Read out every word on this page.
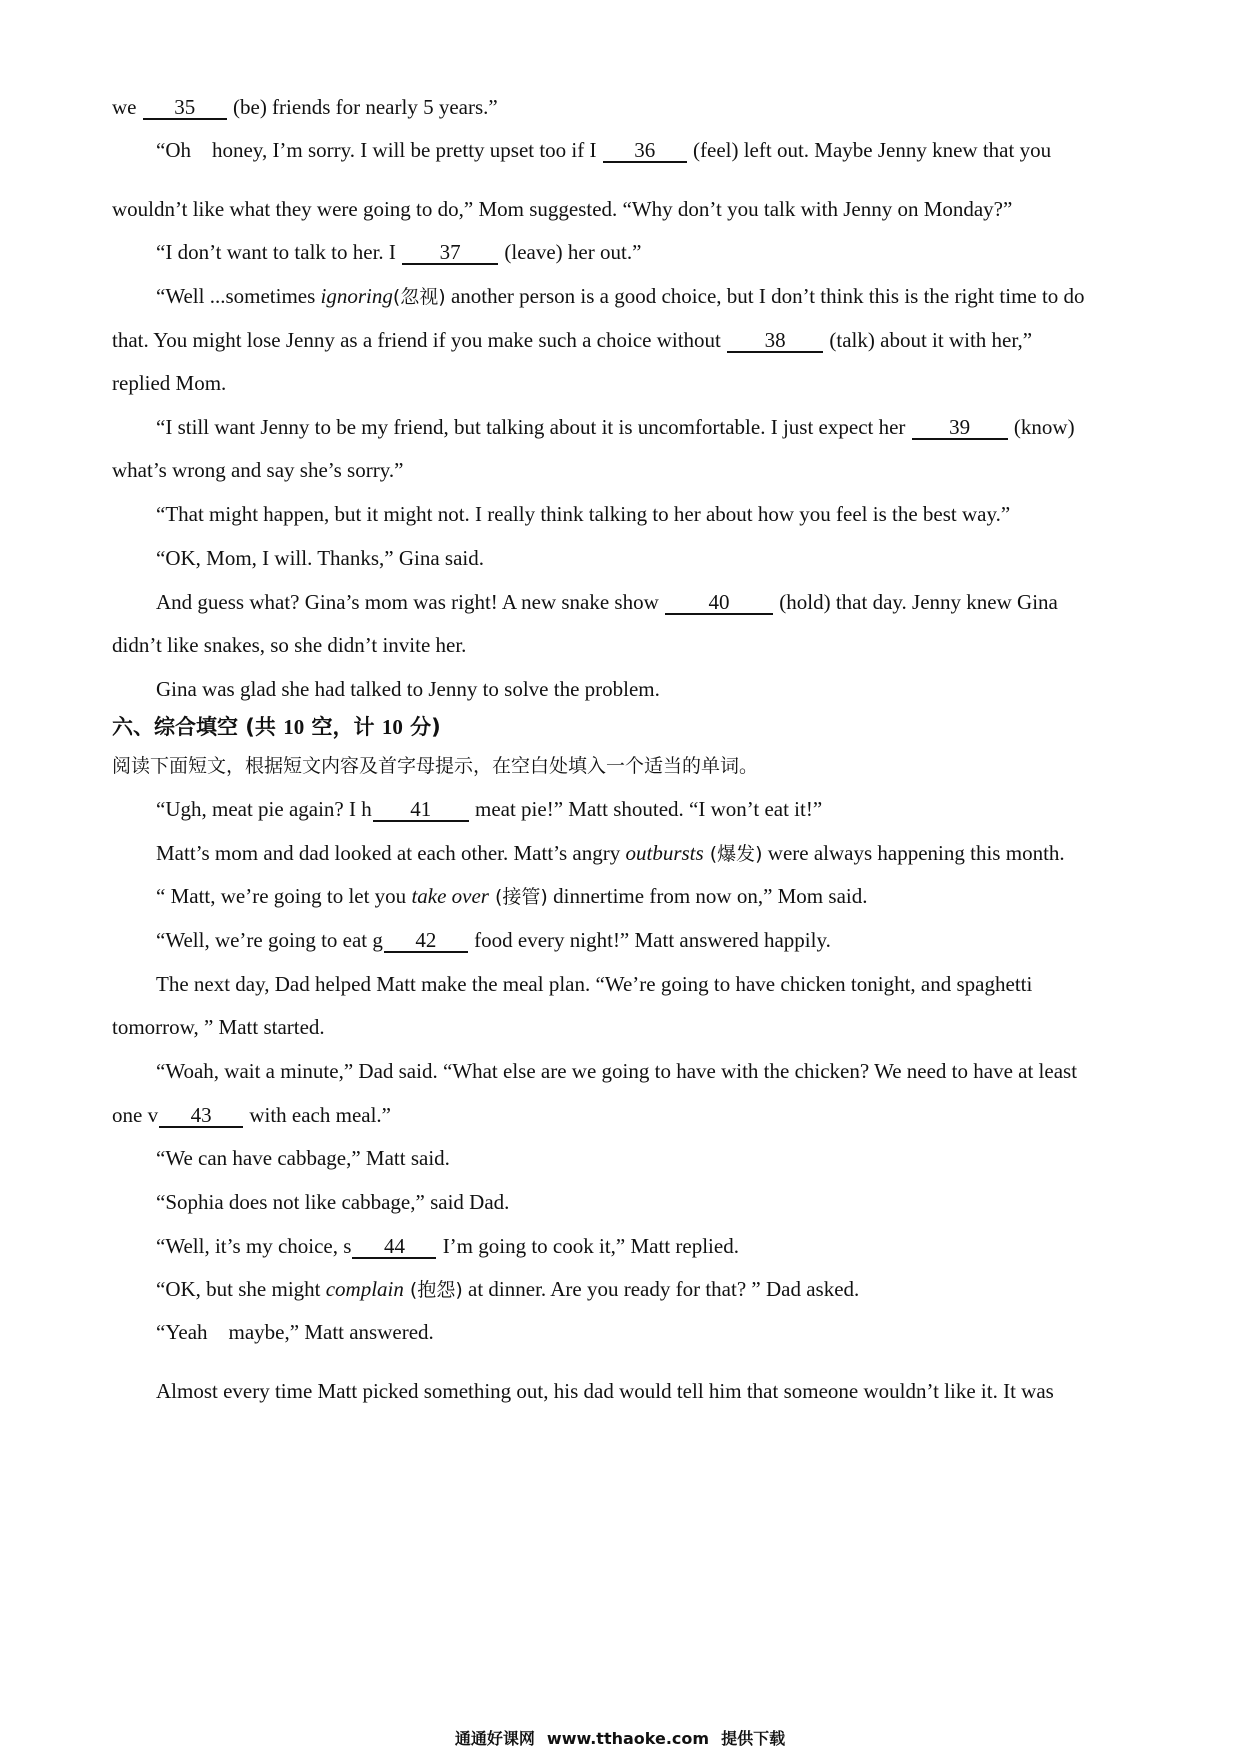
we 35 (be) friends for nearly 5 years.”
“Oh    honey, I’m sorry. I will be pretty upset too if I 36 (feel) left out. Maybe Jenny knew that you
wouldn’t like what they were going to do,” Mom suggested. “Why don’t you talk with Jenny on Monday?”
“I don’t want to talk to her. I 37 (leave) her out.”
“Well ...sometimes ignoring(忽视) another person is a good choice, but I don’t think this is the right time to do
that. You might lose Jenny as a friend if you make such a choice without 38 (talk) about it with her,”
replied Mom.
“I still want Jenny to be my friend, but talking about it is uncomfortable. I just expect her 39 (know)
what’s wrong and say she’s sorry.”
“That might happen, but it might not. I really think talking to her about how you feel is the best way.”
“OK, Mom, I will. Thanks,” Gina said.
And guess what? Gina’s mom was right! A new snake show 40 (hold) that day. Jenny knew Gina
didn’t like snakes, so she didn’t invite her.
Gina was glad she had talked to Jenny to solve the problem.
六、综合填空 (共 10 空，计 10 分)
阅读下面短文，根据短文内容及首字母提示，在空白处填入一个适当的单词。
“Ugh, meat pie again? I h 41 meat pie!” Matt shouted. “I won’t eat it!”
Matt’s mom and dad looked at each other. Matt’s angry outbursts (爆发) were always happening this month.
“ Matt, we’re going to let you take over (接管) dinnertime from now on,” Mom said.
“Well, we’re going to eat g 42 food every night!” Matt answered happily.
The next day, Dad helped Matt make the meal plan. “We’re going to have chicken tonight, and spaghetti
tomorrow, ” Matt started.
“Woah, wait a minute,” Dad said. “What else are we going to have with the chicken? We need to have at least
one v 43 with each meal.”
“We can have cabbage,” Matt said.
“Sophia does not like cabbage,” said Dad.
“Well, it’s my choice, s 44 I’m going to cook it,” Matt replied.
“OK, but she might complain (抱怨) at dinner. Are you ready for that? ” Dad asked.
“Yeah    maybe,” Matt answered.
Almost every time Matt picked something out, his dad would tell him that someone wouldn’t like it. It was
通通好课网 www.tthaoke.com 提供下载
